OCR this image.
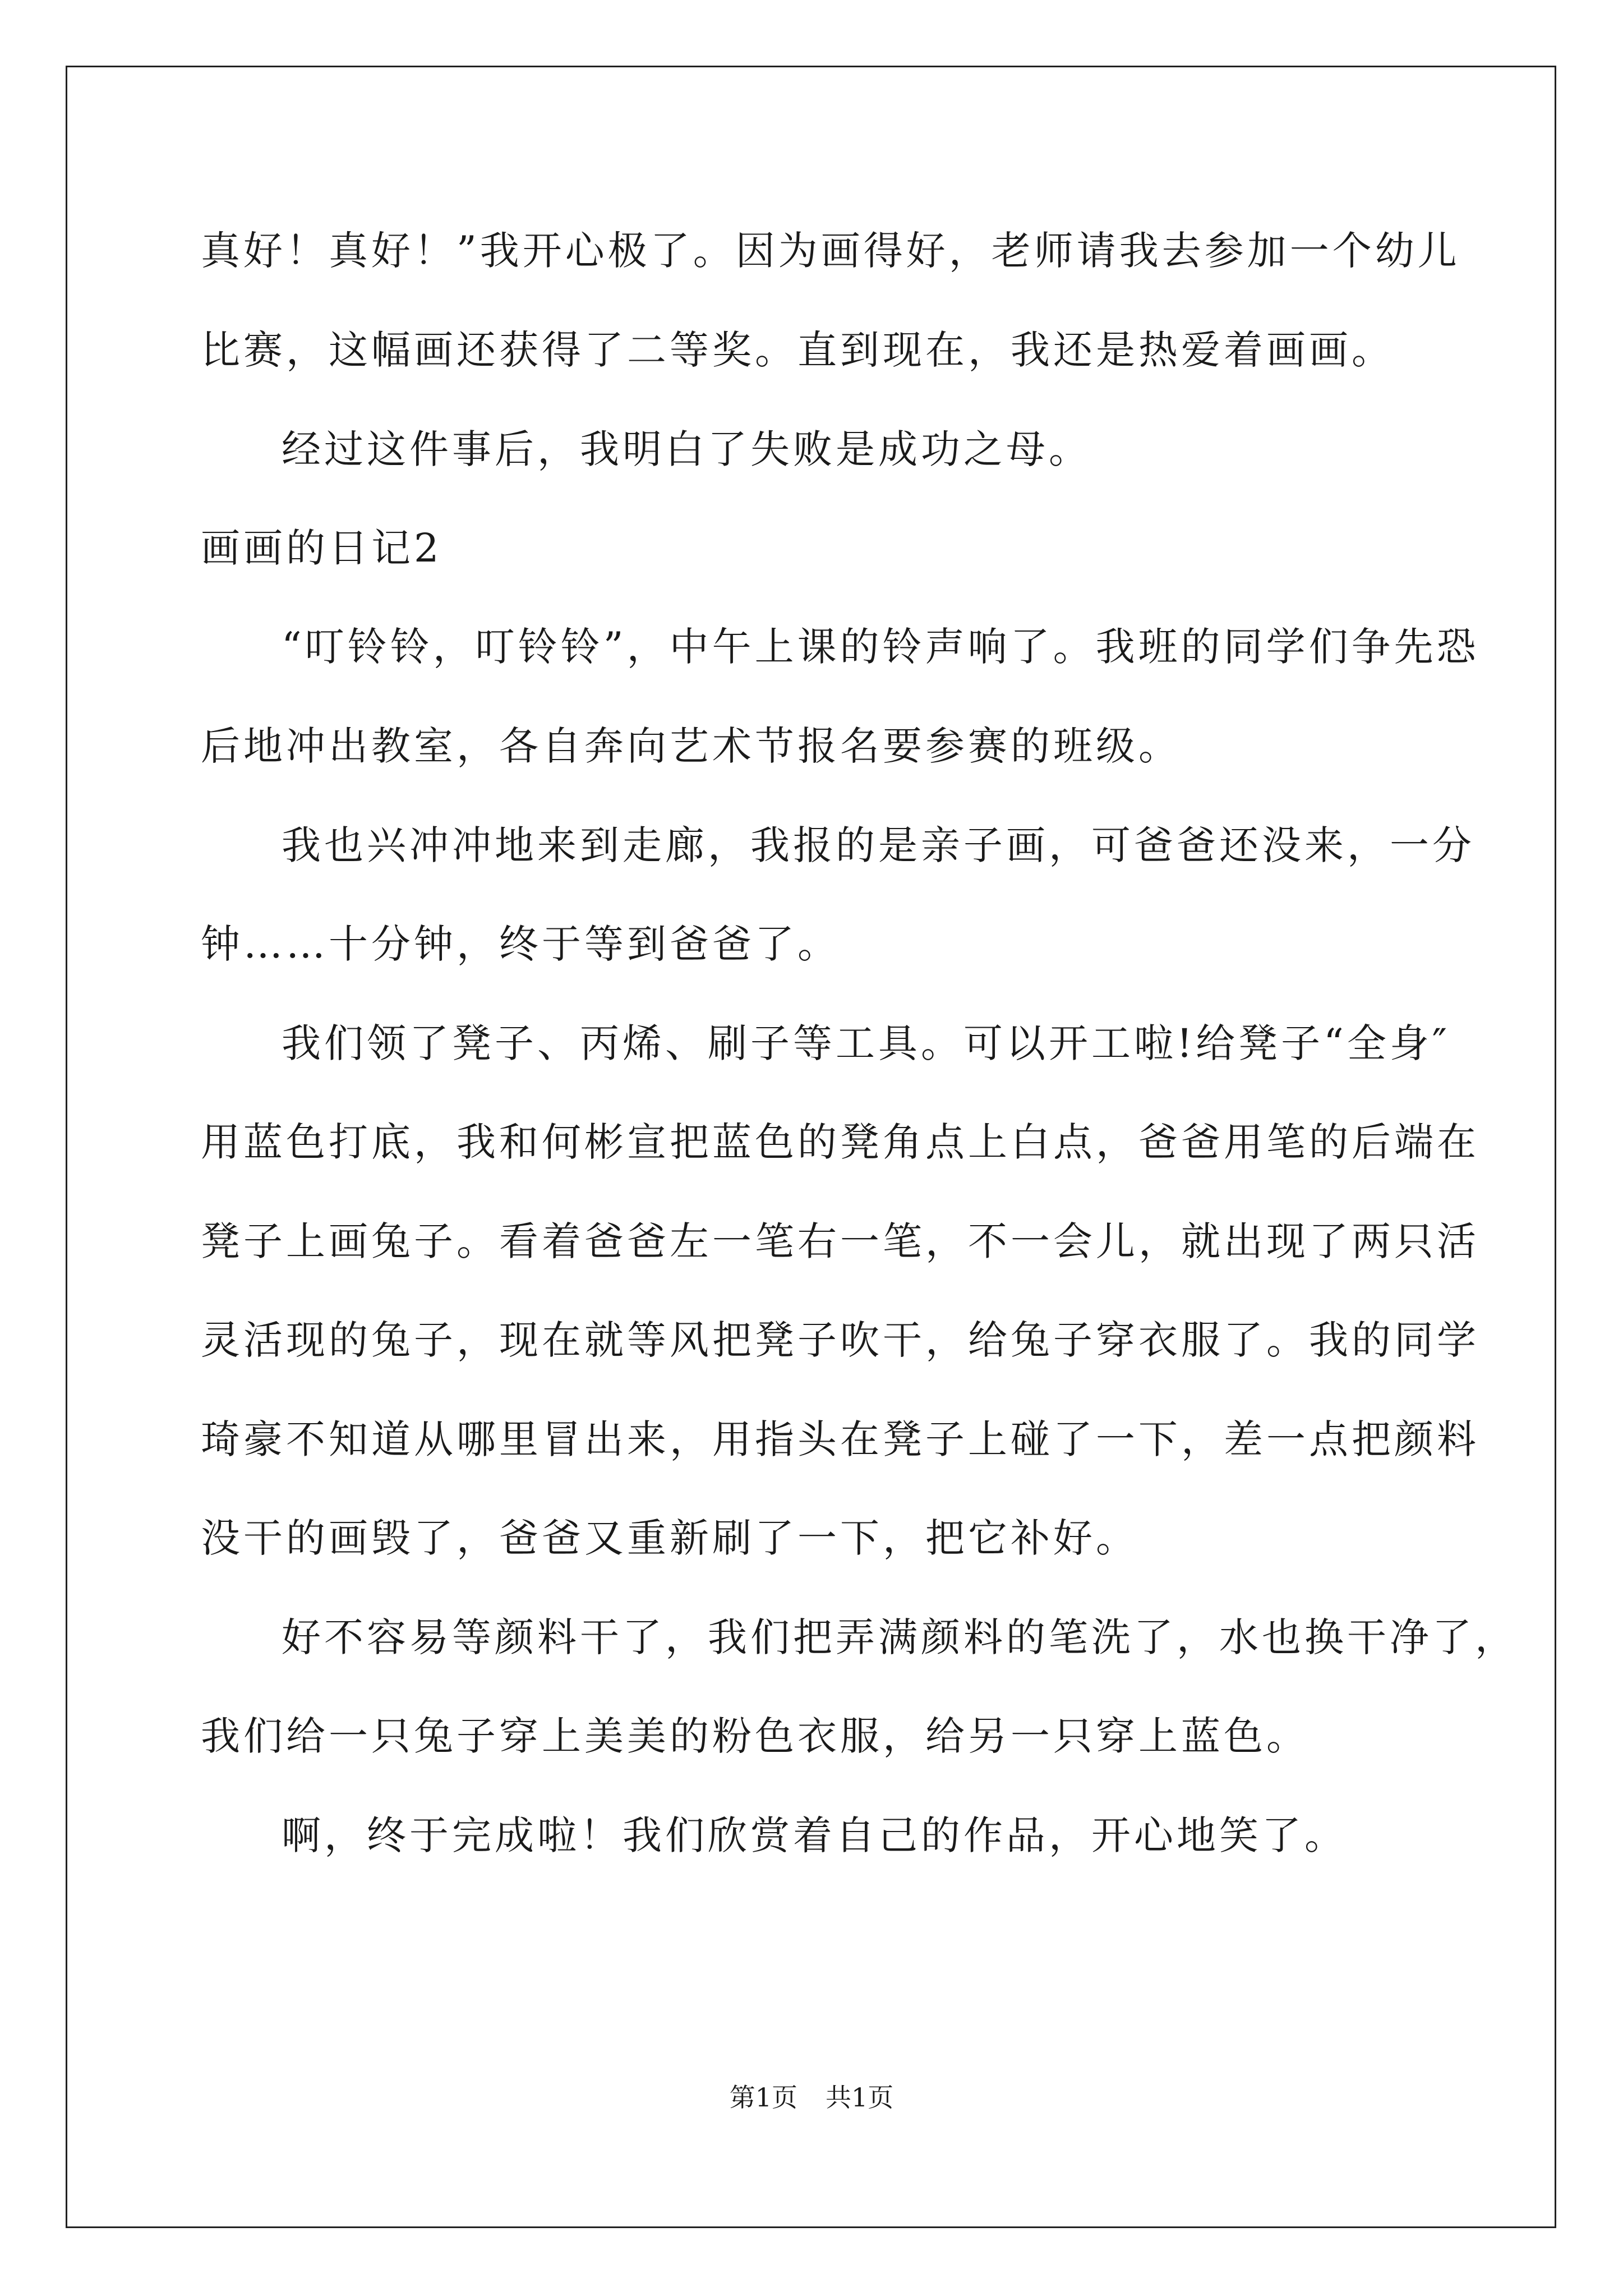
真好！真好！”我开心极了。因为画得好，老师请我去参加一个幼儿
比赛，这幅画还获得了二等奖。直到现在，我还是热爱着画画。
经过这件事后，我明白了失败是成功之母。
画画的日记2
“叮铃铃，叮铃铃”，中午上课的铃声响了。我班的同学们争先恐
后地冲出教室，各自奔向艺术节报名要参赛的班级。
我也兴冲冲地来到走廊，我报的是亲子画，可爸爸还没来，一分
钟……十分钟，终于等到爸爸了。
我们领了凳子、丙烯、刷子等工具。可以开工啦!给凳子“全身″
用蓝色打底，我和何彬宣把蓝色的凳角点上白点，爸爸用笔的后端在
凳子上画兔子。看着爸爸左一笔右一笔，不一会儿，就出现了两只活
灵活现的兔子，现在就等风把凳子吹干，给兔子穿衣服了。我的同学
琦豪不知道从哪里冒出来，用指头在凳子上碰了一下，差一点把颜料
没干的画毁了，爸爸又重新刷了一下，把它补好。
好不容易等颜料干了，我们把弄满颜料的笔洗了，水也换干净了，
我们给一只兔子穿上美美的粉色衣服，给另一只穿上蓝色。
啊，终于完成啦！我们欣赏着自己的作品，开心地笑了。
第1页 共1页
